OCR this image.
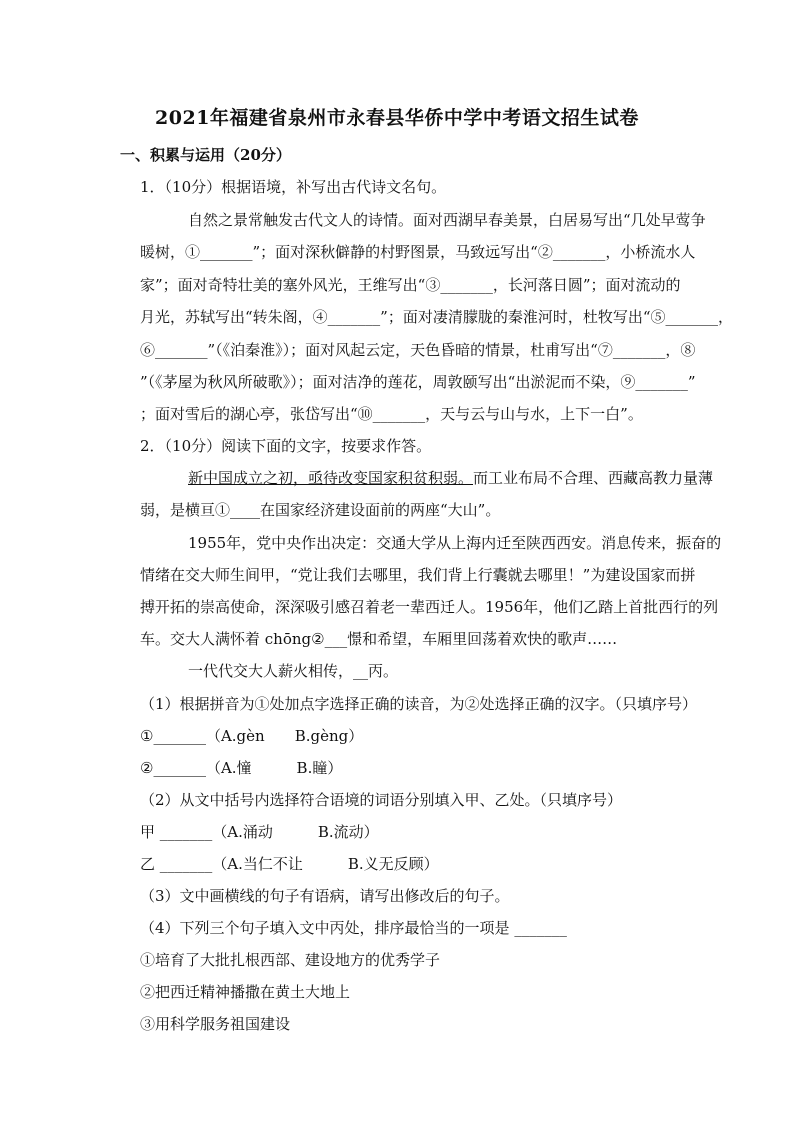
2021年福建省泉州市永春县华侨中学中考语文招生试卷
一、积累与运用（20分）
1．（10分）根据语境，补写出古代诗文名句。
自然之景常触发古代文人的诗情。面对西湖早春美景，白居易写出“几处早莺争
暖树，①_______”；面对深秋僻静的村野图景，马致远写出“②_______，小桥流水人
家”；面对奇特壮美的塞外风光，王维写出“③_______，长河落日圆”；面对流动的
月光，苏轼写出“转朱阁，④_______”；面对凄清朦胧的秦淮河时，杜牧写出“⑤_______，
⑥_______”（《泊秦淮》）；面对风起云定，天色昏暗的情景，杜甫写出“⑦_______，⑧
”（《茅屋为秋风所破歌》）；面对洁净的莲花，周敦颐写出“出淤泥而不染，⑨_______”
；面对雪后的湖心亭，张岱写出“⑩_______，天与云与山与水，上下一白”。
2．（10分）阅读下面的文字，按要求作答。
新中国成立之初，亟待改变国家积贫积弱。而工业布局不合理、西藏高教力量薄
弱，是横亘①____在国家经济建设面前的两座“大山”。
1955年，党中央作出决定：交通大学从上海内迁至陕西西安。消息传来，振奋的
情绪在交大师生间甲，“党让我们去哪里，我们背上行囊就去哪里！”为建设国家而拼
搏开拓的崇高使命，深深吸引感召着老一辈西迁人。1956年，他们乙踏上首批西行的列
车。交大人满怀着 chōng②___憬和希望，车厢里回荡着欢快的歌声……
一代代交大人薪火相传，__丙。
（1）根据拼音为①处加点字选择正确的读音，为②处选择正确的汉字。（只填序号）
①_______（A.gèn　　B.gèng）
②_______（A.憧　　　B.瞳）
（2）从文中括号内选择符合语境的词语分别填入甲、乙处。（只填序号）
甲 _______（A.涌动　　　B.流动）
乙 _______（A.当仁不让　　　B.义无反顾）
（3）文中画横线的句子有语病，请写出修改后的句子。
（4）下列三个句子填入文中丙处，排序最恰当的一项是 _______
①培育了大批扎根西部、建设地方的优秀学子
②把西迁精神播撒在黄土大地上
③用科学服务祖国建设
